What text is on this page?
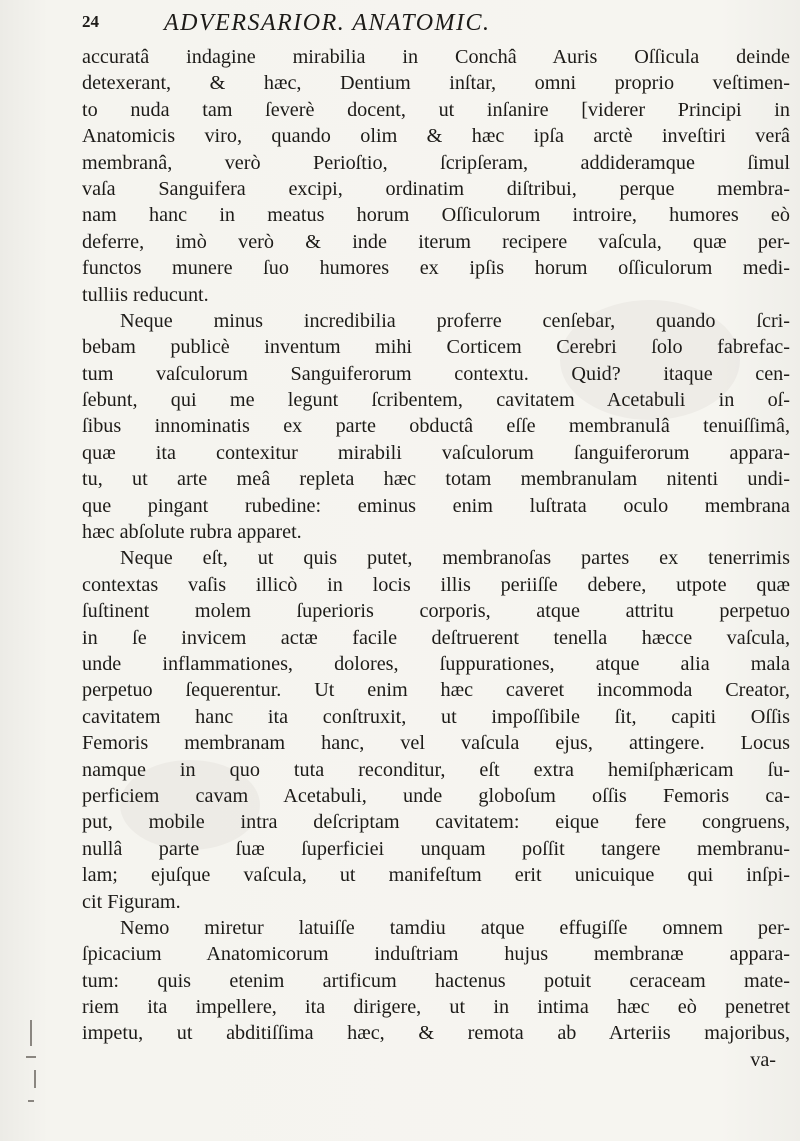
24	ADVERSARIOR. ANATOMIC.
accuratâ indagine mirabilia in Conchâ Auris Oſſicula deinde
detexerant, & hæc, Dentium inſtar, omni proprio veſtimen-
to nuda tam ſeverè docent, ut inſanire [viderer Principi in
Anatomicis viro, quando olim & hæc ipſa arctè inveſtiri verâ
membranâ, verò Perioſtio, ſcripſeram, addideramque ſimul
vaſa Sanguifera excipi, ordinatim diſtribui, perque membra-
nam hanc in meatus horum Oſſiculorum introire, humores eò
deferre, imò verò & inde iterum recipere vaſcula, quæ per-
functos munere ſuo humores ex ipſis horum oſſiculorum medi-
tulliis reducunt.
Neque minus incredibilia proferre cenſebar, quando ſcri-
bebam publicè inventum mihi Corticem Cerebri ſolo fabrefac-
tum vaſculorum Sanguiferorum contextu. Quid? itaque cen-
ſebunt, qui me legunt ſcribentem, cavitatem Acetabuli in oſ-
ſibus innominatis ex parte obductâ eſſe membranulâ tenuiſſimâ,
quæ ita contexitur mirabili vaſculorum ſanguiferorum appara-
tu, ut arte meâ repleta hæc totam membranulam nitenti undi-
que pingant rubedine: eminus enim luſtrata oculo membrana
hæc abſolute rubra apparet.
Neque eſt, ut quis putet, membranoſas partes ex tenerrimis
contextas vaſis illicò in locis illis periiſſe debere, utpote quæ
ſuſtinent molem ſuperioris corporis, atque attritu perpetuo
in ſe invicem actæ facile deſtruerent tenella hæcce vaſcula,
unde inflammationes, dolores, ſuppurationes, atque alia mala
perpetuo ſequerentur. Ut enim hæc caveret incommoda Creator,
cavitatem hanc ita conſtruxit, ut impoſſibile ſit, capiti Oſſis
Femoris membranam hanc, vel vaſcula ejus, attingere. Locus
namque in quo tuta reconditur, eſt extra hemiſphæricam ſu-
perficiem cavam Acetabuli, unde globoſum oſſis Femoris ca-
put, mobile intra deſcriptam cavitatem: eique fere congruens,
nullâ parte ſuæ ſuperficiei unquam poſſit tangere membranu-
lam; ejuſque vaſcula, ut manifeſtum erit unicuique qui inſpi-
cit Figuram.
Nemo miretur latuiſſe tamdiu atque effugiſſe omnem per-
ſpicacium Anatomicorum induſtriam hujus membranæ appara-
tum: quis etenim artificum hactenus potuit ceraceam mate-
riem ita impellere, ita dirigere, ut in intima hæc eò penetret
impetu, ut abditiſſima hæc, & remota ab Arteriis majoribus,
va-
